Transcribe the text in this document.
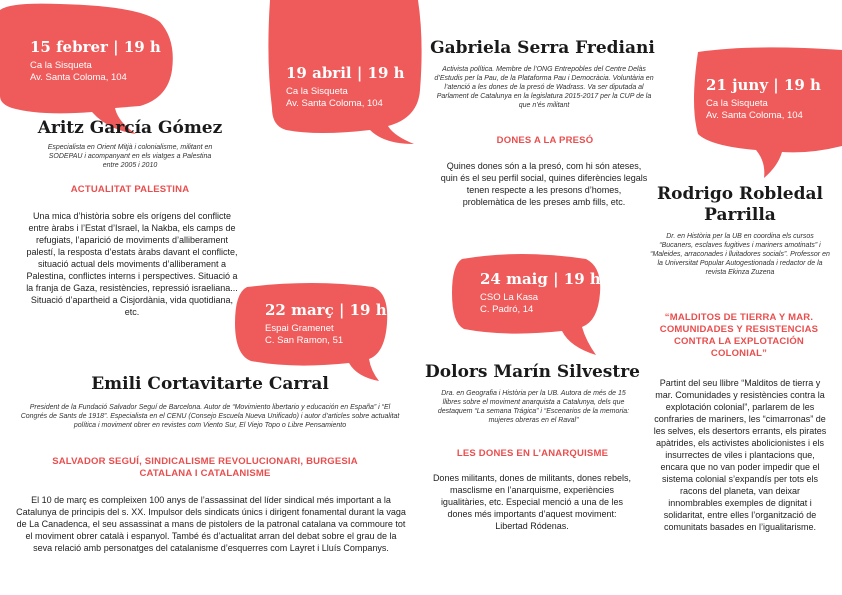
15 febrer | 19 h
Ca la Sisqueta
Av. Santa Coloma, 104	19 abril | 19 h
Ca la Sisqueta
Av. Santa Coloma, 104
21 juny | 19 h
Ca la Sisqueta
Av. Santa Coloma, 104
22 març | 19 h
Espai Gramenet
C. San Ramon, 51
24 maig | 19 h
CSO La Kasa
C. Padró, 14
Aritz García Gómez
Especialista en Orient Mitjà i colonialisme, militant en SODEPAU i acompanyant en els viatges a Palestina entre 2005 i 2010
ACTUALITAT PALESTINA
Una mica d’història sobre els orígens del conflicte entre àrabs i l’Estat d’Israel, la Nakba, els camps de refugiats, l’aparició de moviments d’alliberament palestí, la resposta d’estats àrabs davant el conflicte, situació actual dels moviments d’alliberament a Palestina, conflictes interns i perspectives. Situació a la franja de Gaza, resistències, repressió israeliana... Situació d’apartheid a Cisjordània, vida quotidiana, etc.
Emili Cortavitarte Carral
President de la Fundació Salvador Seguí de Barcelona. Autor de “Movimiento libertario y educación en España” i “El Congrés de Sants de 1918”. Especialista en el CENU (Consejo Escuela Nueva Unificado) i autor d’articles sobre actualitat política i moviment obrer en revistes com Viento Sur, El Viejo Topo o Libre Pensamiento
SALVADOR SEGUÍ, SINDICALISME REVOLUCIONARI, BURGESIA CATALANA I CATALANISME
El 10 de març es compleixen 100 anys de l’assassinat del líder sindical més important a la Catalunya de principis del s. XX. Impulsor dels sindicats únics i dirigent fonamental durant la vaga de La Canadenca, el seu assassinat a mans de pistolers de la patronal catalana va commoure tot el moviment obrer català i espanyol. També és d’actualitat arran del debat sobre el grau de la seva relació amb personatges del catalanisme d’esquerres com Layret i Lluís Companys.
Gabriela Serra Frediani
Activista política. Membre de l’ONG Entrepobles del Centre Delàs d’Estudis per la Pau, de la Plataforma Pau i Democràcia. Voluntària en l’atenció a les dones de la presó de Wadrass. Va ser diputada al Parlament de Catalunya en la legislatura 2015-2017 per la CUP de la que n’és militant
DONES A LA PRESÓ
Quines dones són a la presó, com hi són ateses, quin és el seu perfil social, quines diferències legals tenen respecte a les presons d’homes, problemàtica de les preses amb fills, etc.
Dolors Marín Silvestre
Dra. en Geografia i Història per la UB. Autora de més de 15 llibres sobre el moviment anarquista a Catalunya, dels que destaquem “La semana Trágica” i “Escenarios de la memoria: mujeres obreras en el Raval”
LES DONES EN L’ANARQUISME
Dones militants, dones de militants, dones rebels, masclisme en l’anarquisme, experiències igualitàries, etc. Especial menció a una de les dones més importants d’aquest moviment: Libertad Ródenas.
Rodrigo Robledal Parrilla
Dr. en Història per la UB en coordina els cursos “Bucaners, esclaves fugitives i mariners amotinats” i “Maleides, arraconades i lluitadores socials”. Professor en la Universitat Popular Autogestionada i redactor de la revista Ekinza Zuzena
“MALDITOS DE TIERRA Y MAR. COMUNIDADES Y RESISTENCIAS CONTRA LA EXPLOTACIÓN COLONIAL”
Partint del seu llibre “Malditos de tierra y mar. Comunidades y resistències contra la explotación colonial”, parlarem de les confraries de mariners, les “cimarronas” de les selves, els desertors errants, els pirates apàtrides, els activistes abolicionistes i els insurrectes de viles i plantacions que, encara que no van poder impedir que el sistema colonial s’expandís per tots els racons del planeta, van deixar innombrables exemples de dignitat i solidaritat, entre elles l’organització de comunitats basades en l’igualitarisme.
